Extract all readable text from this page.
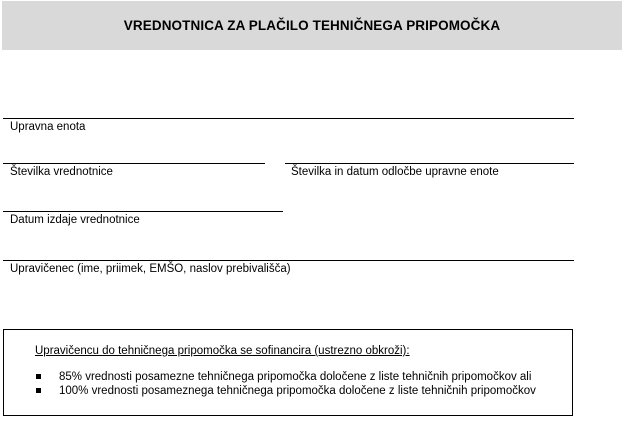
VREDNOTNICA ZA PLAČILO TEHNIČNEGA PRIPOMOČKA
Upravna enota
Številka vrednotnice	Številka in datum odločbe upravne enote
Datum izdaje vrednotnice
Upravičenec (ime, priimek, EMŠO, naslov prebivališča)
Upravičencu do tehničnega pripomočka se sofinancira (ustrezno obkroži):
85% vrednosti posamezne tehničnega pripomočka določene z liste tehničnih pripomočkov ali
100% vrednosti posameznega tehničnega pripomočka določene z liste tehničnih pripomočkov
